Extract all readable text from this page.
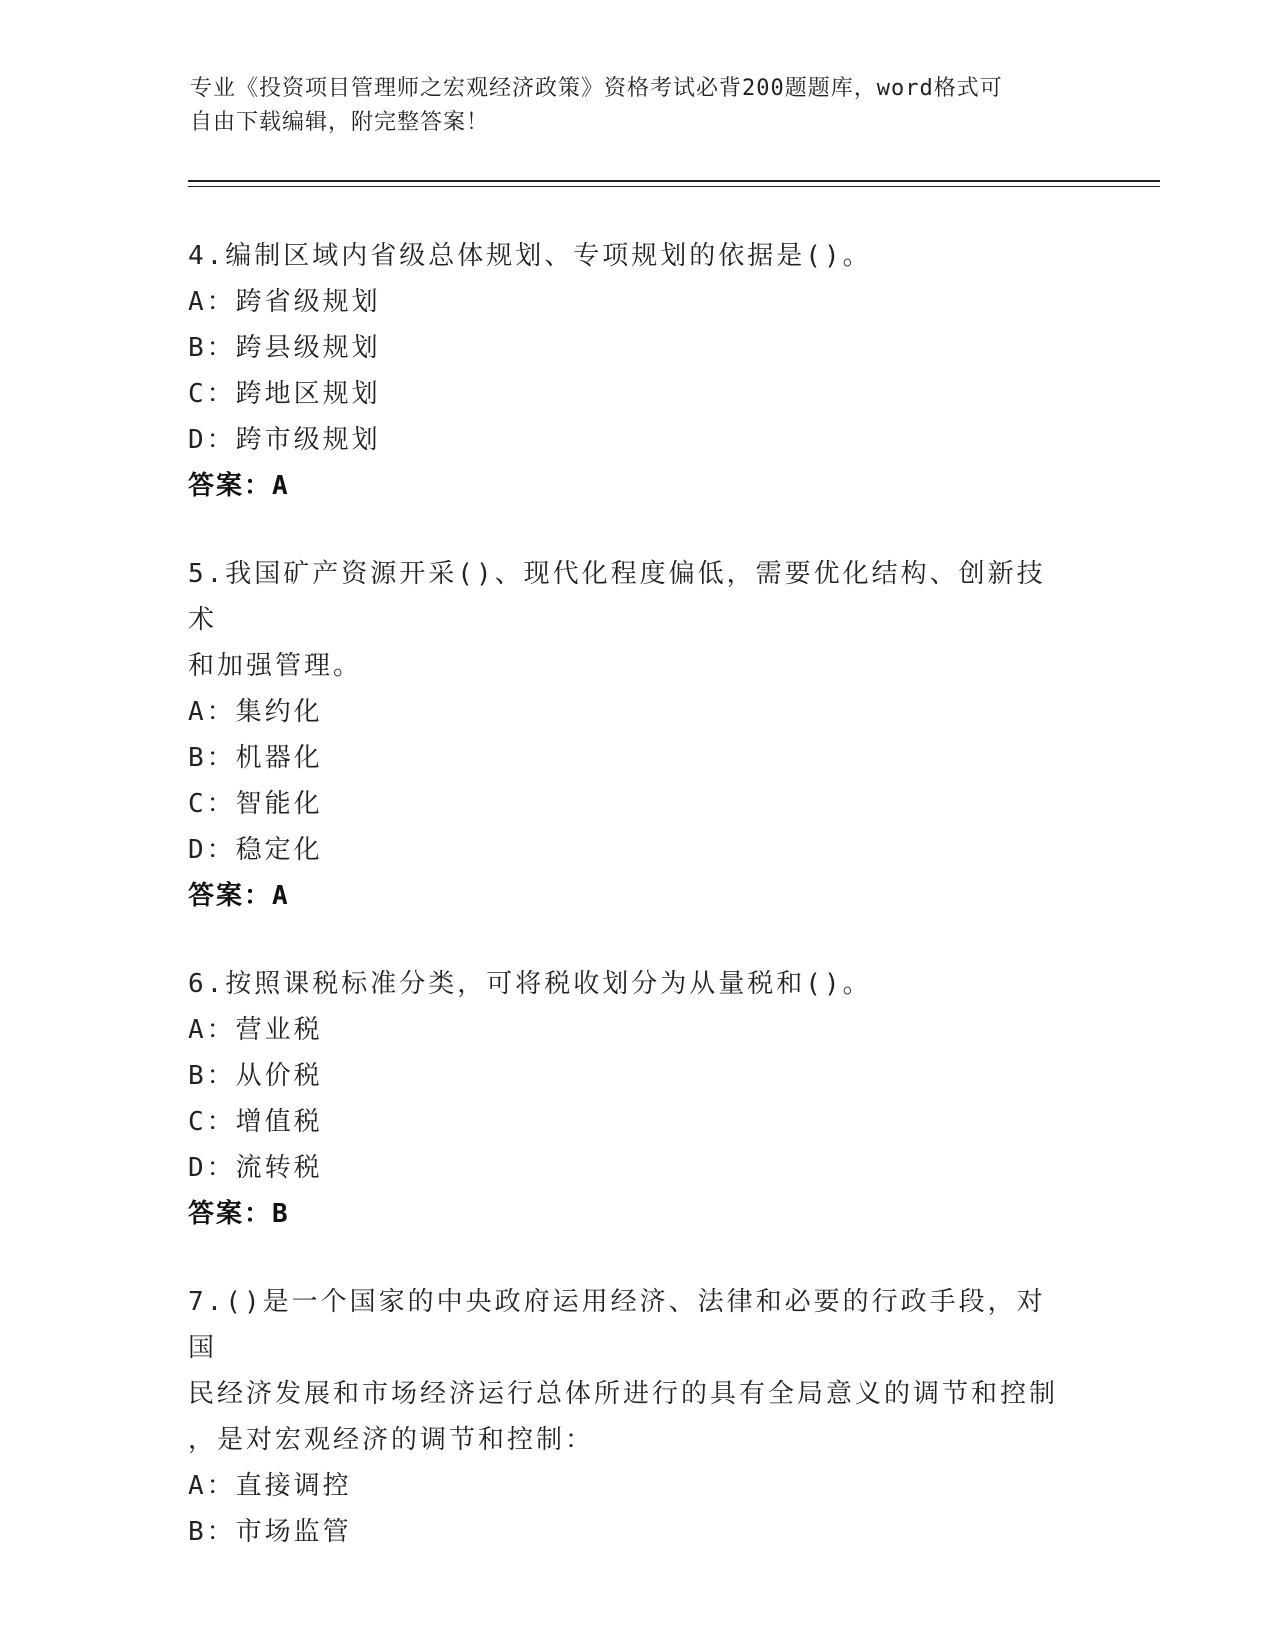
专业《投资项目管理师之宏观经济政策》资格考试必背200题题库，word格式可
自由下载编辑，附完整答案！

4.编制区域内省级总体规划、专项规划的依据是()。

A：跨省级规划

B：跨县级规划

C：跨地区规划

D：跨市级规划

答案：A

5.我国矿产资源开采()、现代化程度偏低，需要优化结构、创新技术

和加强管理。

A：集约化

B：机器化

C：智能化

D：稳定化

答案：A

6.按照课税标准分类，可将税收划分为从量税和()。

A：营业税

B：从价税

C：增值税

D：流转税

答案：B

7.()是一个国家的中央政府运用经济、法律和必要的行政手段，对国

民经济发展和市场经济运行总体所进行的具有全局意义的调节和控制

，是对宏观经济的调节和控制：

A：直接调控

B：市场监管
